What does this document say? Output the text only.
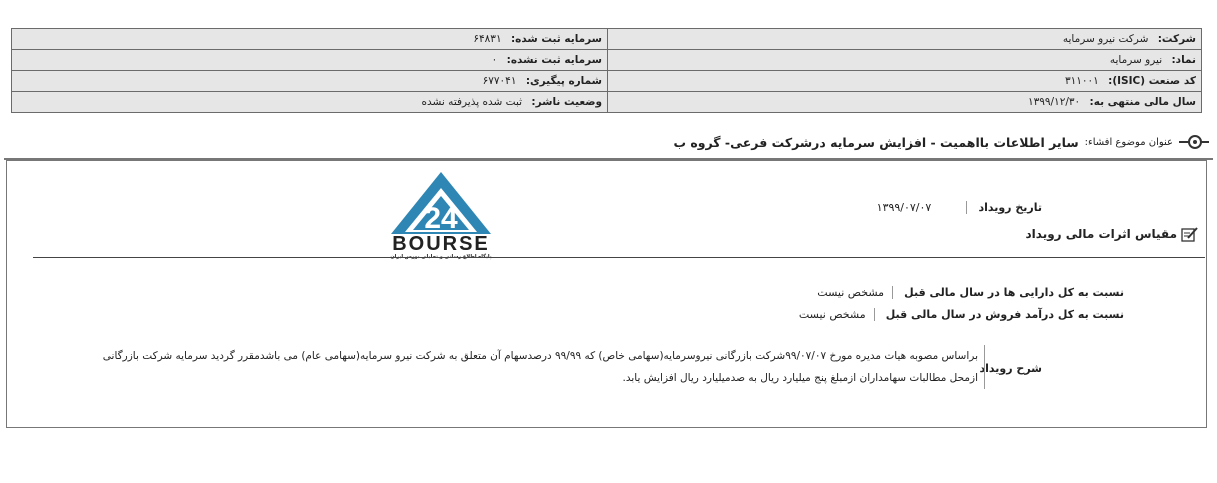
شرکت: شرکت نیرو سرمایه	سرمایه ثبت شده: ۶۴۸۳۱
نماد: نیرو سرمایه	سرمایه ثبت نشده: ۰
کد صنعت (ISIC): ۳۱۱۰۰۱	شماره پیگیری: ۶۷۷۰۴۱
سال مالی منتهی به: ۱۳۹۹/۱۲/۳۰	وضعیت ناشر: ثبت شده پذیرفته نشده
عنوان موضوع افشاء:
سایر اطلاعات بااهمیت - افزایش سرمایه درشرکت فرعی- گروه ب
24
BOURSE
تاریخ رویداد ۱۳۹۹/۰۷/۰۷
مقیاس اثرات مالی رویداد
نسبت به کل دارایی ها در سال مالی قبل مشخص نیست
نسبت به کل درآمد فروش در سال مالی قبل مشخص نیست
شرح رویداد
براساس مصوبه هیات مدیره مورخ ۹۹/۰۷/۰۷شرکت بازرگانی نیروسرمایه(سهامی خاص) که ۹۹/۹۹ درصدسهام آن متعلق به شرکت نیرو سرمایه(سهامی عام) می باشدمقرر گردید سرمایه شرکت بازرگانی
ازمحل مطالبات سهامداران ازمبلغ پنج میلیارد ریال به صدمیلیارد ریال افزایش یابد.
